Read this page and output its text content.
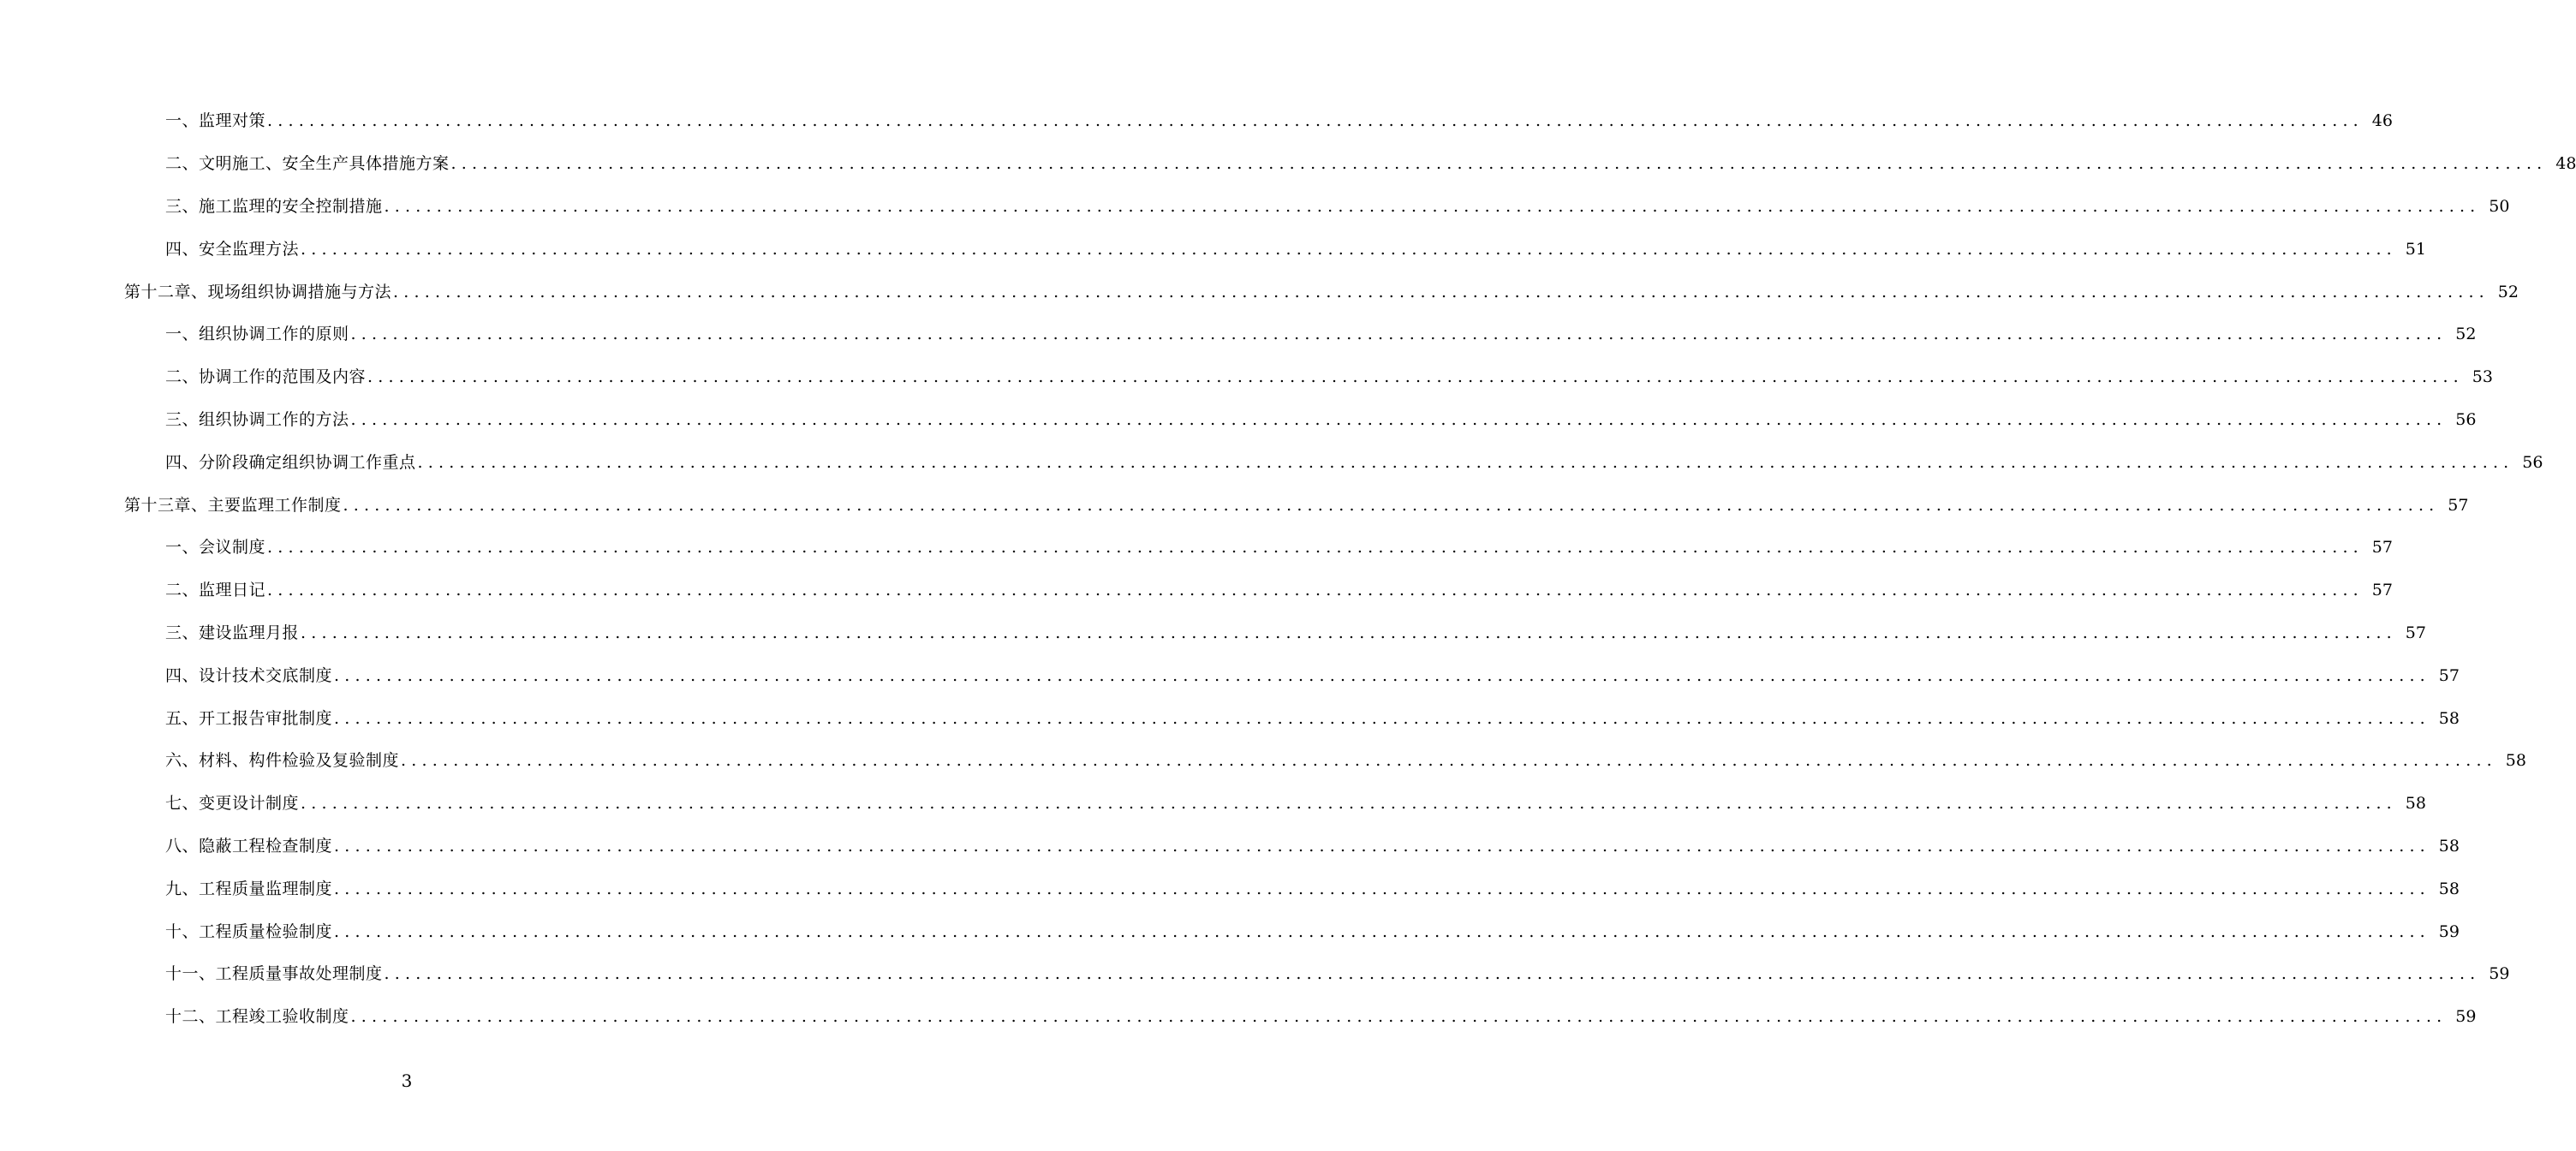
一、监理对策 ........................................................................................................................................................................................................ 46
二、文明施工、安全生产具体措施方案 ........................................................................................................................................................................................................ 48
三、施工监理的安全控制措施 ........................................................................................................................................................................................................ 50
四、安全监理方法 ........................................................................................................................................................................................................ 51
第十二章、现场组织协调措施与方法 ........................................................................................................................................................................................................ 52
一、组织协调工作的原则 ........................................................................................................................................................................................................ 52
二、协调工作的范围及内容 ........................................................................................................................................................................................................ 53
三、组织协调工作的方法 ........................................................................................................................................................................................................ 56
四、分阶段确定组织协调工作重点 ........................................................................................................................................................................................................ 56
第十三章、主要监理工作制度 ........................................................................................................................................................................................................ 57
一、会议制度 ........................................................................................................................................................................................................ 57
二、监理日记 ........................................................................................................................................................................................................ 57
三、建设监理月报 ........................................................................................................................................................................................................ 57
四、设计技术交底制度 ........................................................................................................................................................................................................ 57
五、开工报告审批制度 ........................................................................................................................................................................................................ 58
六、材料、构件检验及复验制度 ........................................................................................................................................................................................................ 58
七、变更设计制度 ........................................................................................................................................................................................................ 58
八、隐蔽工程检查制度 ........................................................................................................................................................................................................ 58
九、工程质量监理制度 ........................................................................................................................................................................................................ 58
十、工程质量检验制度 ........................................................................................................................................................................................................ 59
十一、工程质量事故处理制度 ........................................................................................................................................................................................................ 59
十二、工程竣工验收制度 ........................................................................................................................................................................................................ 59
3
